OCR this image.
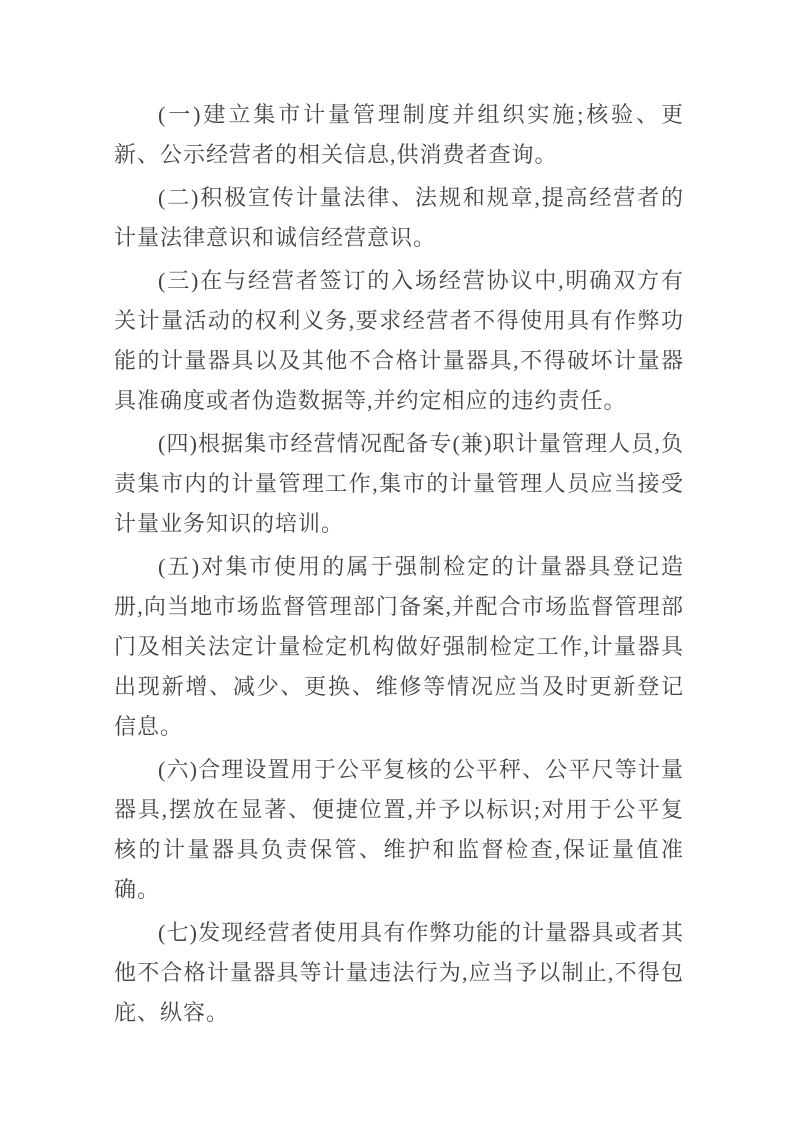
(一)建立集市计量管理制度并组织实施;核验、更新、公示经营者的相关信息,供消费者查询。

(二)积极宣传计量法律、法规和规章,提高经营者的计量法律意识和诚信经营意识。

(三)在与经营者签订的入场经营协议中,明确双方有关计量活动的权利义务,要求经营者不得使用具有作弊功能的计量器具以及其他不合格计量器具,不得破坏计量器具准确度或者伪造数据等,并约定相应的违约责任。

(四)根据集市经营情况配备专(兼)职计量管理人员,负责集市内的计量管理工作,集市的计量管理人员应当接受计量业务知识的培训。

(五)对集市使用的属于强制检定的计量器具登记造册,向当地市场监督管理部门备案,并配合市场监督管理部门及相关法定计量检定机构做好强制检定工作,计量器具出现新增、减少、更换、维修等情况应当及时更新登记信息。

(六)合理设置用于公平复核的公平秤、公平尺等计量器具,摆放在显著、便捷位置,并予以标识;对用于公平复核的计量器具负责保管、维护和监督检查,保证量值准确。

(七)发现经营者使用具有作弊功能的计量器具或者其他不合格计量器具等计量违法行为,应当予以制止,不得包庇、纵容。
